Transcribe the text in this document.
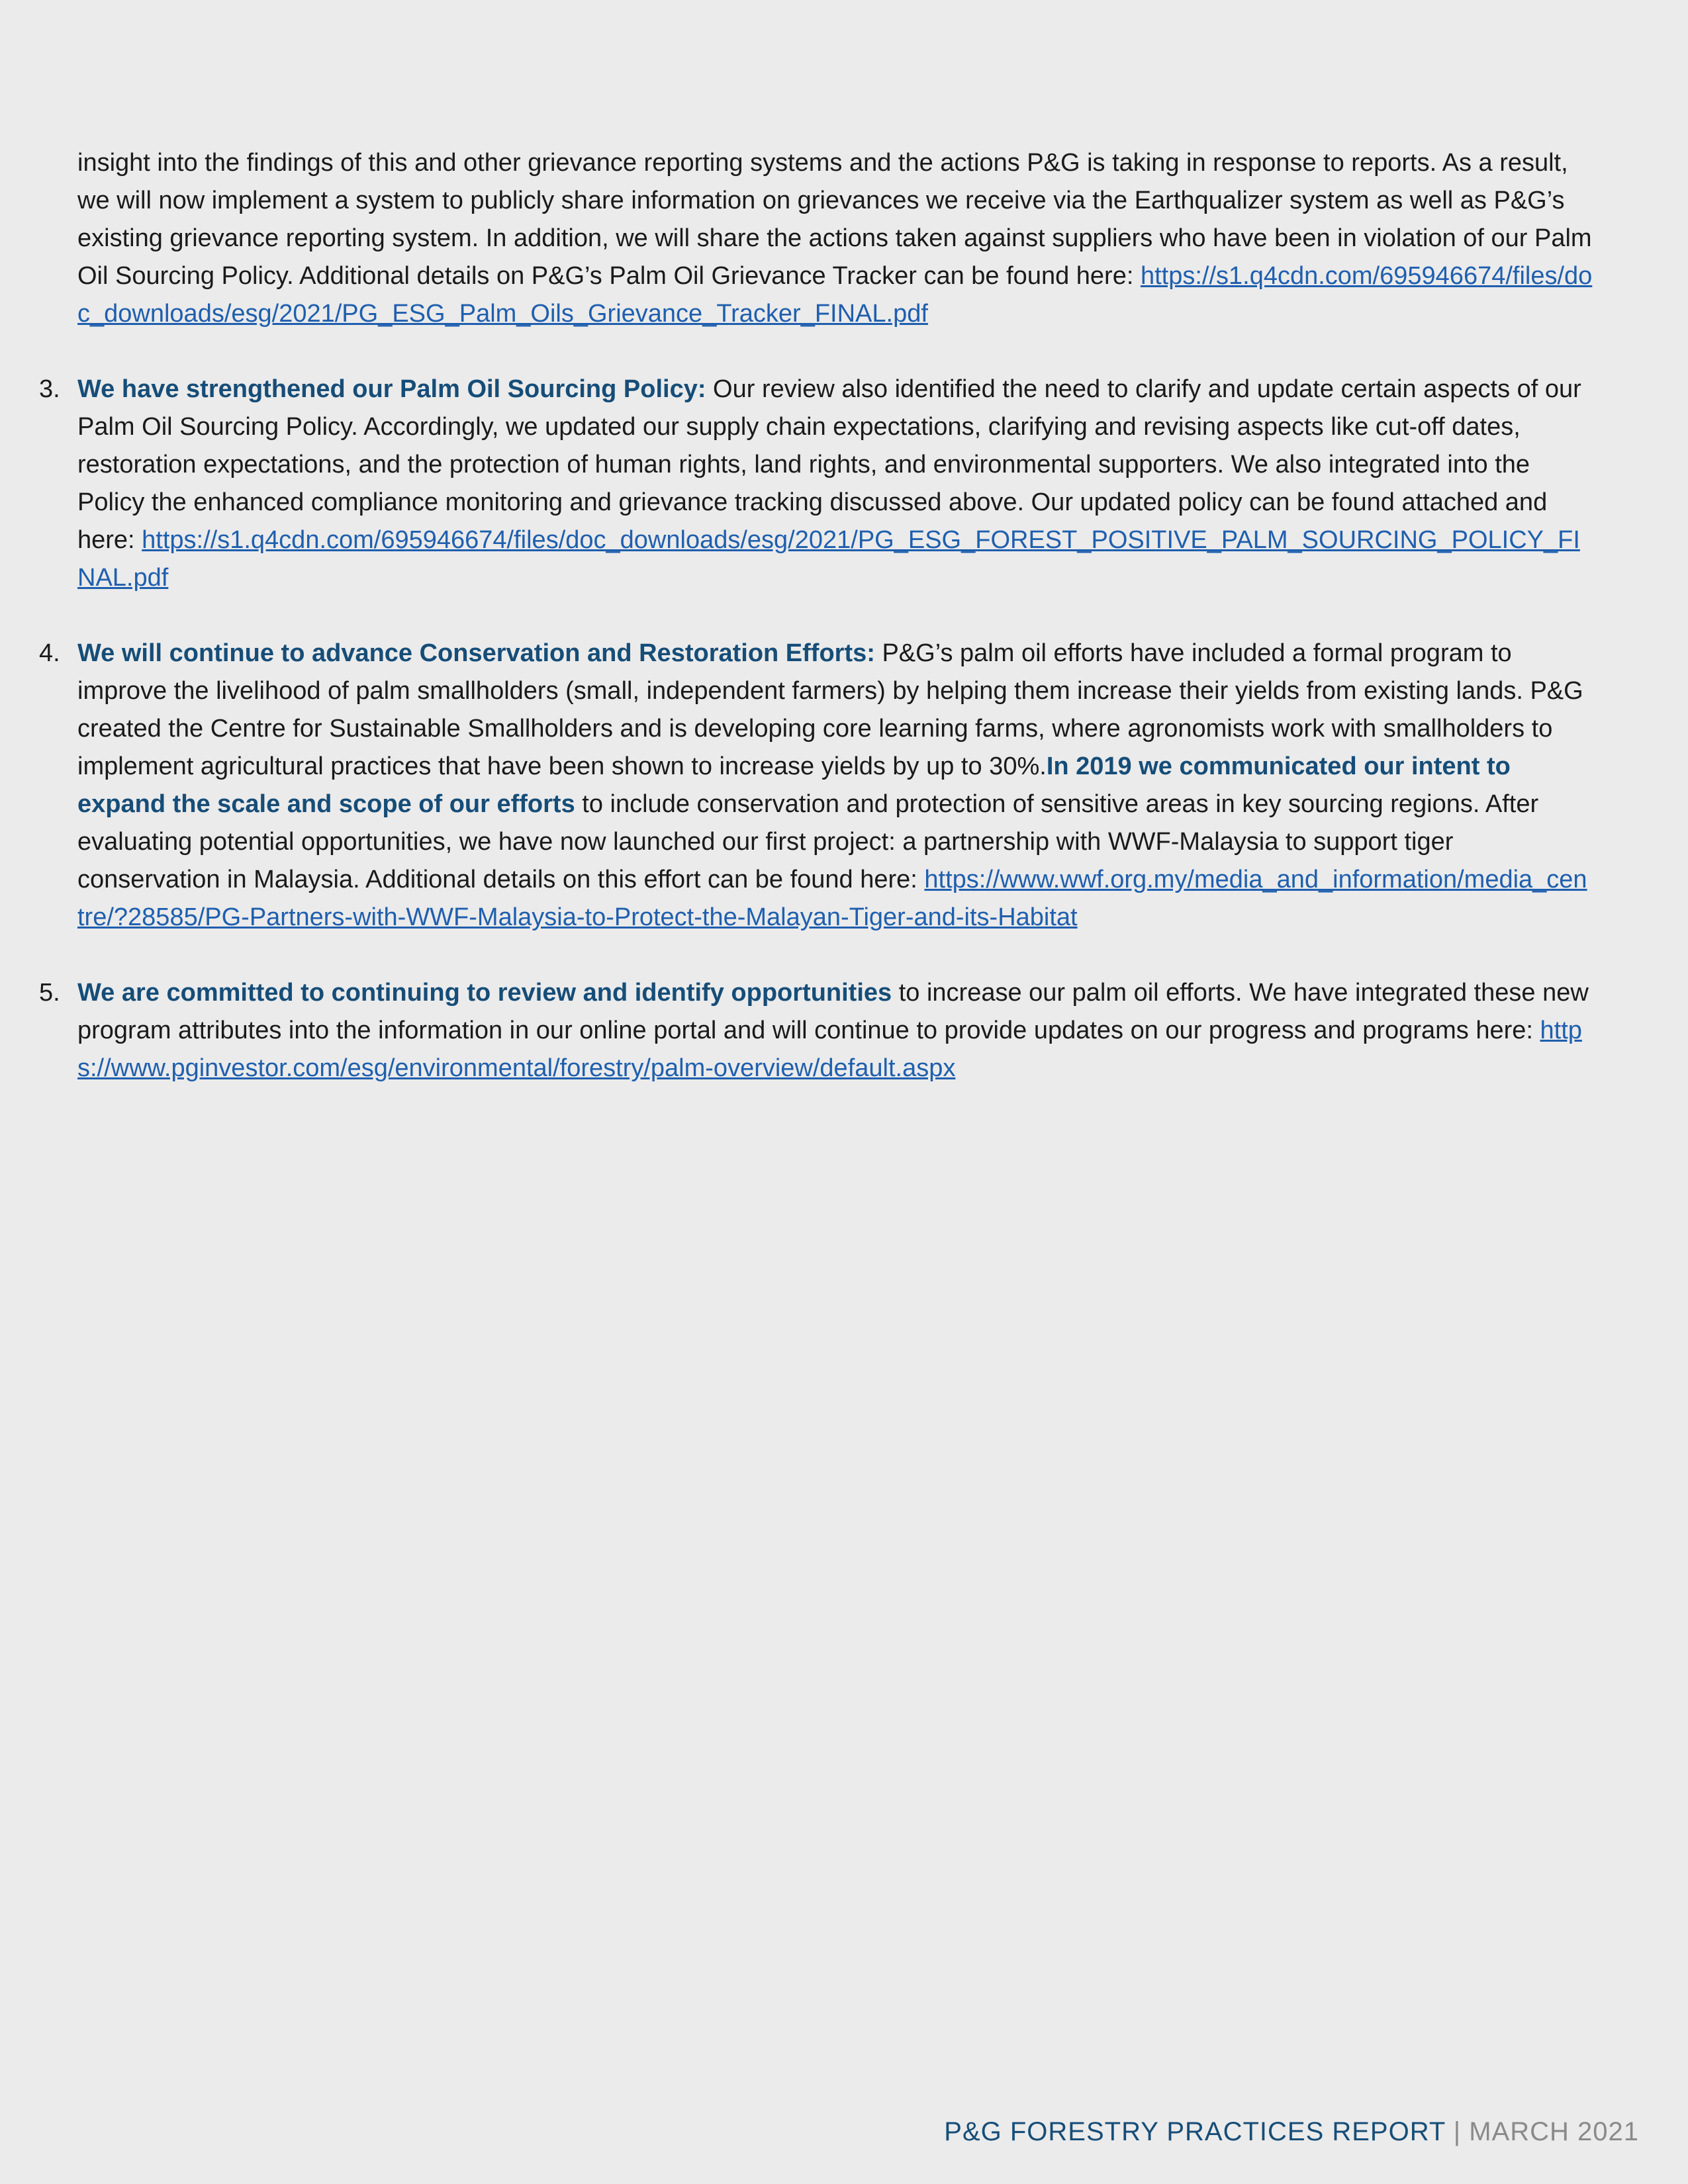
insight into the findings of this and other grievance reporting systems and the actions P&G is taking in response to reports. As a result, we will now implement a system to publicly share information on grievances we receive via the Earthqualizer system as well as P&G’s existing grievance reporting system. In addition, we will share the actions taken against suppliers who have been in violation of our Palm Oil Sourcing Policy. Additional details on P&G’s Palm Oil Grievance Tracker can be found here: https://s1.q4cdn.com/695946674/files/doc_downloads/esg/2021/PG_ESG_Palm_Oils_Grievance_Tracker_FINAL.pdf

3. We have strengthened our Palm Oil Sourcing Policy: Our review also identified the need to clarify and update certain aspects of our Palm Oil Sourcing Policy. Accordingly, we updated our supply chain expectations, clarifying and revising aspects like cut-off dates, restoration expectations, and the protection of human rights, land rights, and environmental supporters. We also integrated into the Policy the enhanced compliance monitoring and grievance tracking discussed above. Our updated policy can be found attached and here: https://s1.q4cdn.com/695946674/files/doc_downloads/esg/2021/PG_ESG_FOREST_POSITIVE_PALM_SOURCING_POLICY_FINAL.pdf

4. We will continue to advance Conservation and Restoration Efforts: P&G’s palm oil efforts have included a formal program to improve the livelihood of palm smallholders (small, independent farmers) by helping them increase their yields from existing lands. P&G created the Centre for Sustainable Smallholders and is developing core learning farms, where agronomists work with smallholders to implement agricultural practices that have been shown to increase yields by up to 30%.In 2019 we communicated our intent to expand the scale and scope of our efforts to include conservation and protection of sensitive areas in key sourcing regions. After evaluating potential opportunities, we have now launched our first project: a partnership with WWF-Malaysia to support tiger conservation in Malaysia. Additional details on this effort can be found here: https://www.wwf.org.my/media_and_information/media_centre/?28585/PG-Partners-with-WWF-Malaysia-to-Protect-the-Malayan-Tiger-and-its-Habitat

5. We are committed to continuing to review and identify opportunities to increase our palm oil efforts. We have integrated these new program attributes into the information in our online portal and will continue to provide updates on our progress and programs here: https://www.pginvestor.com/esg/environmental/forestry/palm-overview/default.aspx

P&G FORESTRY PRACTICES REPORT | MARCH 2021
